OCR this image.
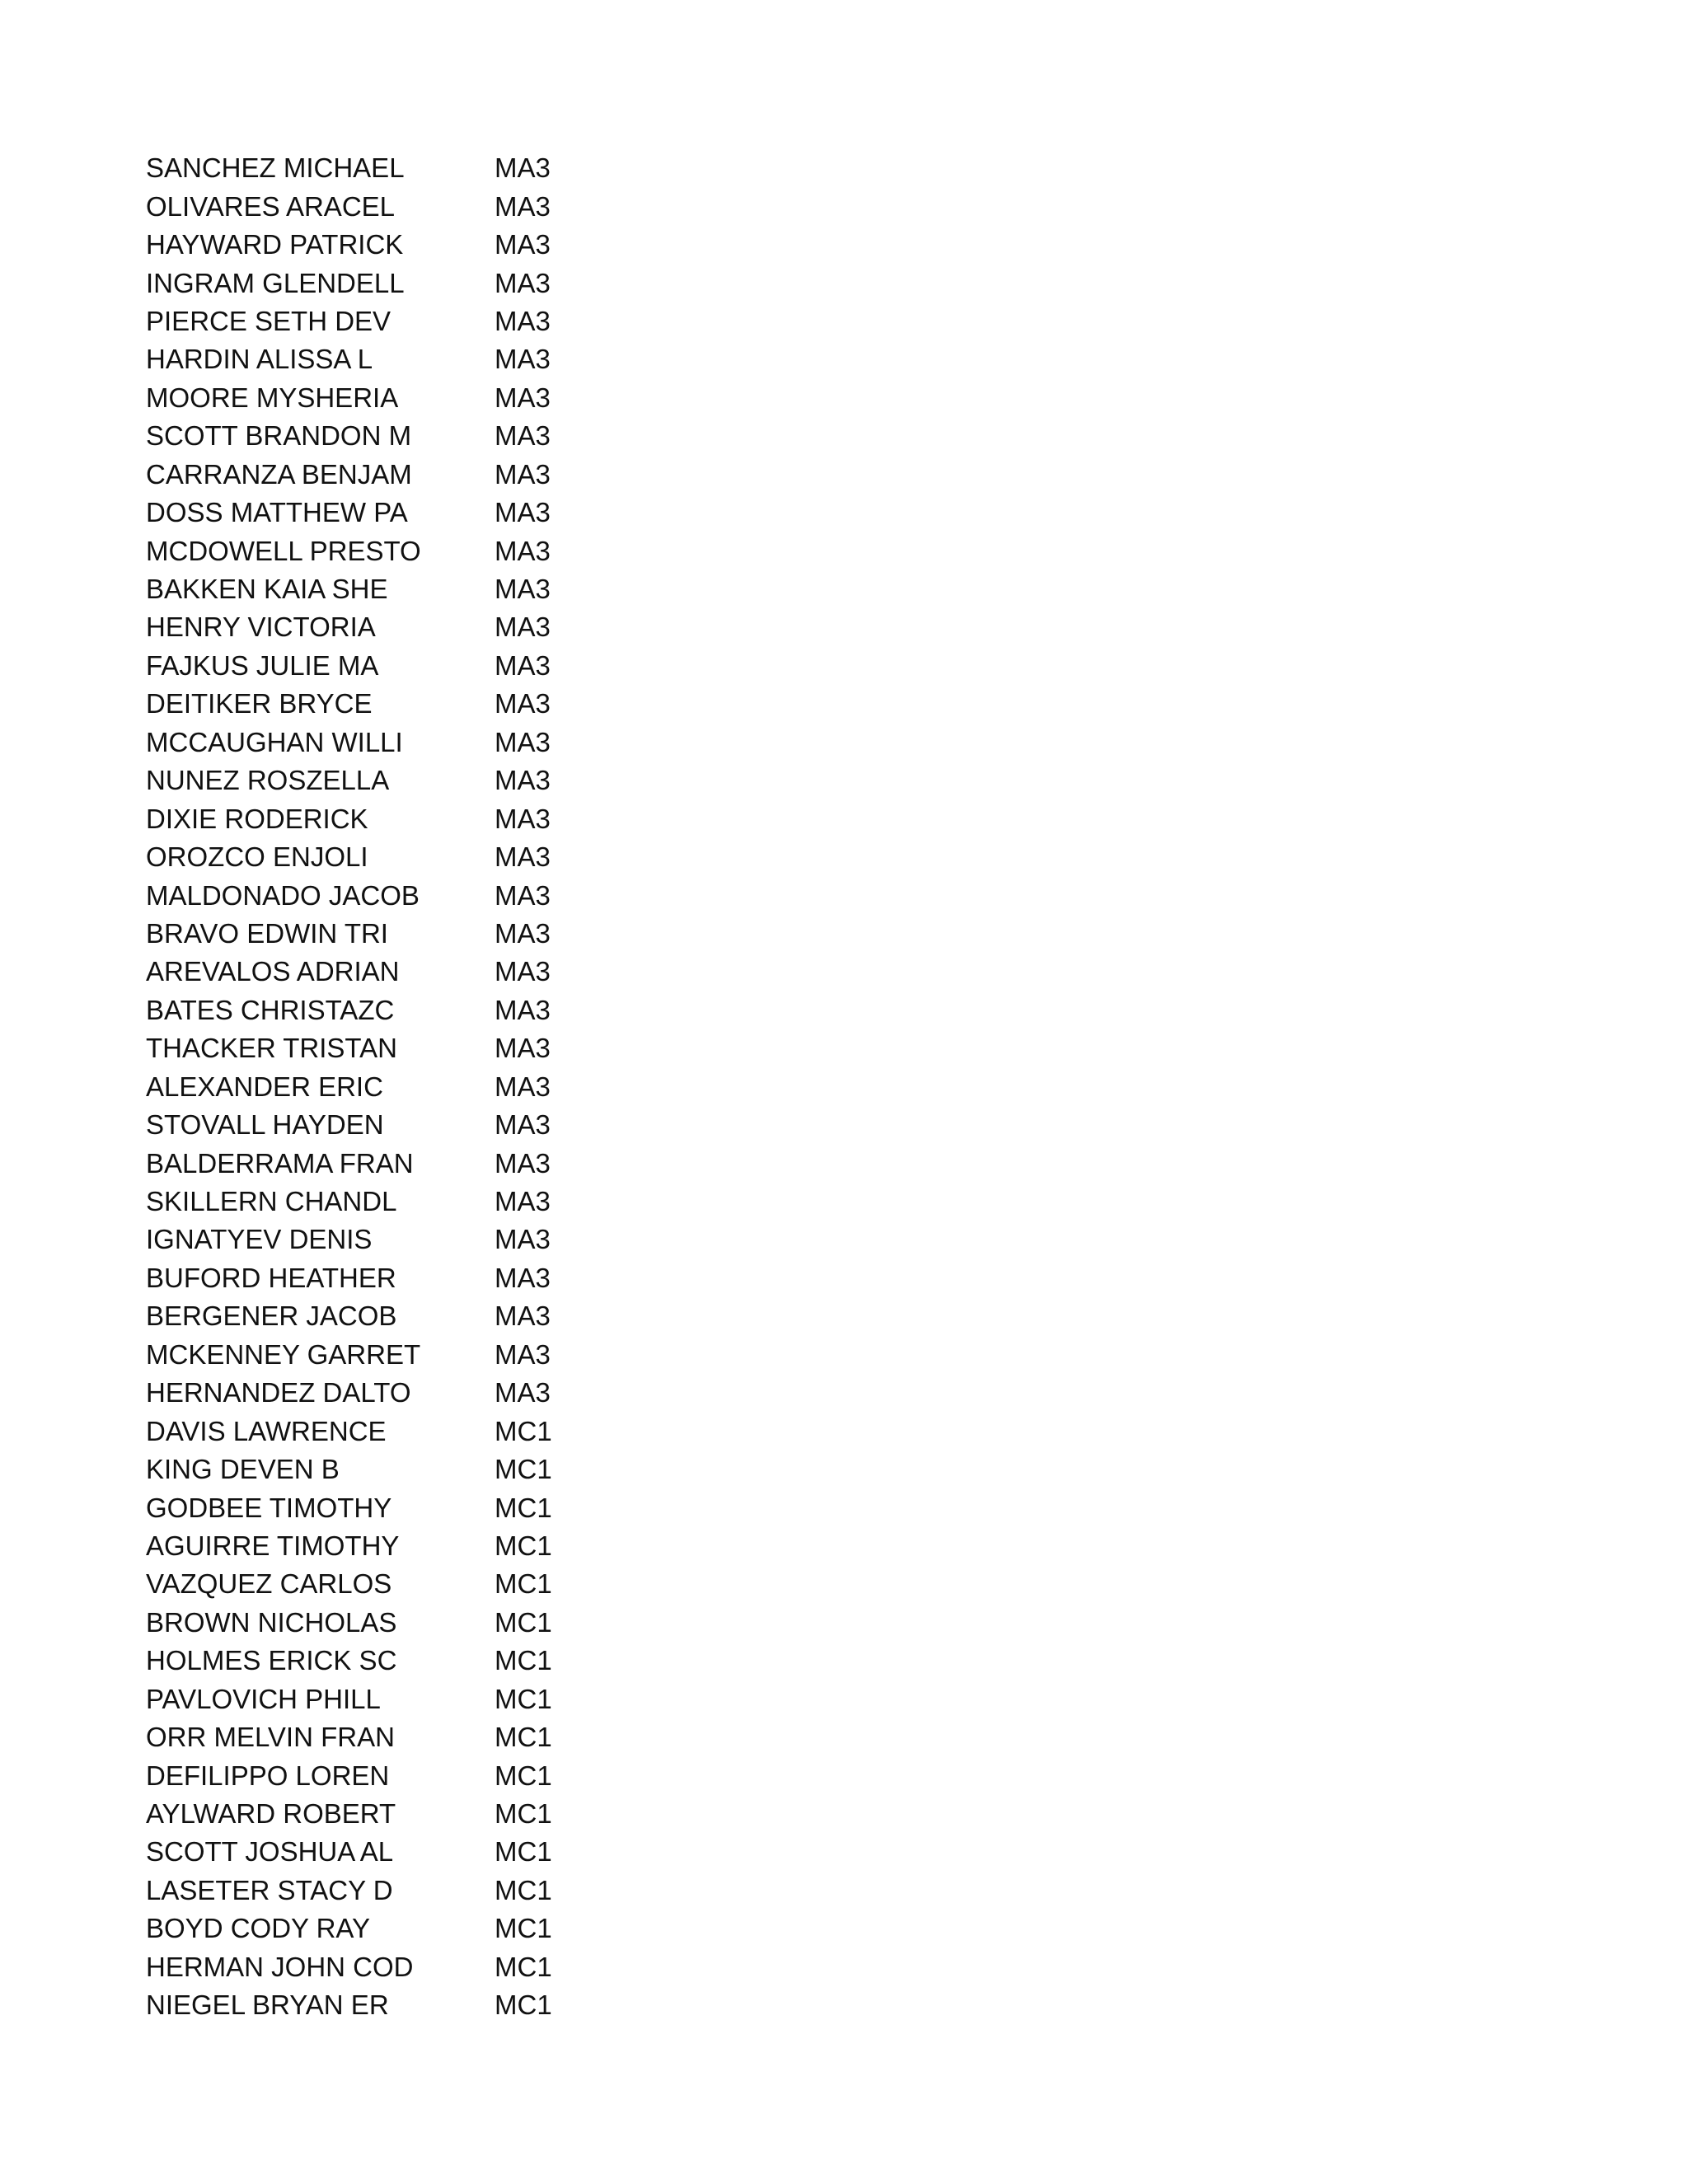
SANCHEZ MICHAEL	MA3
OLIVARES ARACEL	MA3
HAYWARD PATRICK	MA3
INGRAM GLENDELL	MA3
PIERCE SETH DEV	MA3
HARDIN ALISSA L	MA3
MOORE MYSHERIA	MA3
SCOTT BRANDON M	MA3
CARRANZA BENJAM	MA3
DOSS MATTHEW PA	MA3
MCDOWELL PRESTO	MA3
BAKKEN KAIA SHE	MA3
HENRY VICTORIA	MA3
FAJKUS JULIE MA	MA3
DEITIKER BRYCE	MA3
MCCAUGHAN WILLI	MA3
NUNEZ ROSZELLA	MA3
DIXIE RODERICK	MA3
OROZCO ENJOLI	MA3
MALDONADO JACOB	MA3
BRAVO EDWIN TRI	MA3
AREVALOS ADRIAN	MA3
BATES CHRISTAZC	MA3
THACKER TRISTAN	MA3
ALEXANDER ERIC	MA3
STOVALL HAYDEN	MA3
BALDERRAMA FRAN	MA3
SKILLERN CHANDL	MA3
IGNATYEV DENIS	MA3
BUFORD HEATHER	MA3
BERGENER JACOB	MA3
MCKENNEY GARRET	MA3
HERNANDEZ DALTO	MA3
DAVIS LAWRENCE	MC1
KING DEVEN B	MC1
GODBEE TIMOTHY	MC1
AGUIRRE TIMOTHY	MC1
VAZQUEZ CARLOS	MC1
BROWN NICHOLAS	MC1
HOLMES ERICK SC	MC1
PAVLOVICH PHILL	MC1
ORR MELVIN FRAN	MC1
DEFILIPPO LOREN	MC1
AYLWARD ROBERT	MC1
SCOTT JOSHUA AL	MC1
LASETER STACY D	MC1
BOYD CODY RAY	MC1
HERMAN JOHN COD	MC1
NIEGEL BRYAN ER	MC1
